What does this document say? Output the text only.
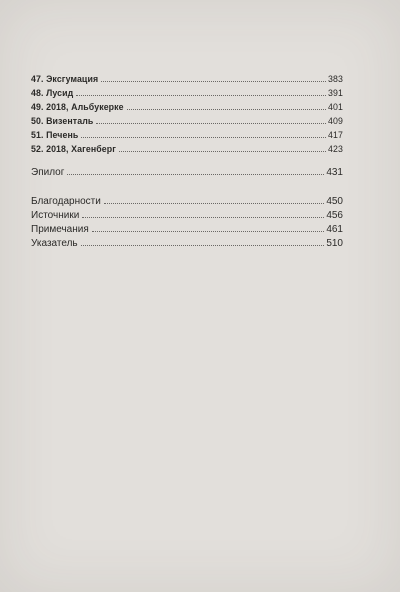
47. Эксгумация	383
48. Лусид	391
49. 2018, Альбукерке	401
50. Визенталь	409
51. Печень	417
52. 2018, Хагенберг	423
Эпилог	431
Благодарности	450
Источники	456
Примечания	461
Указатель	510
